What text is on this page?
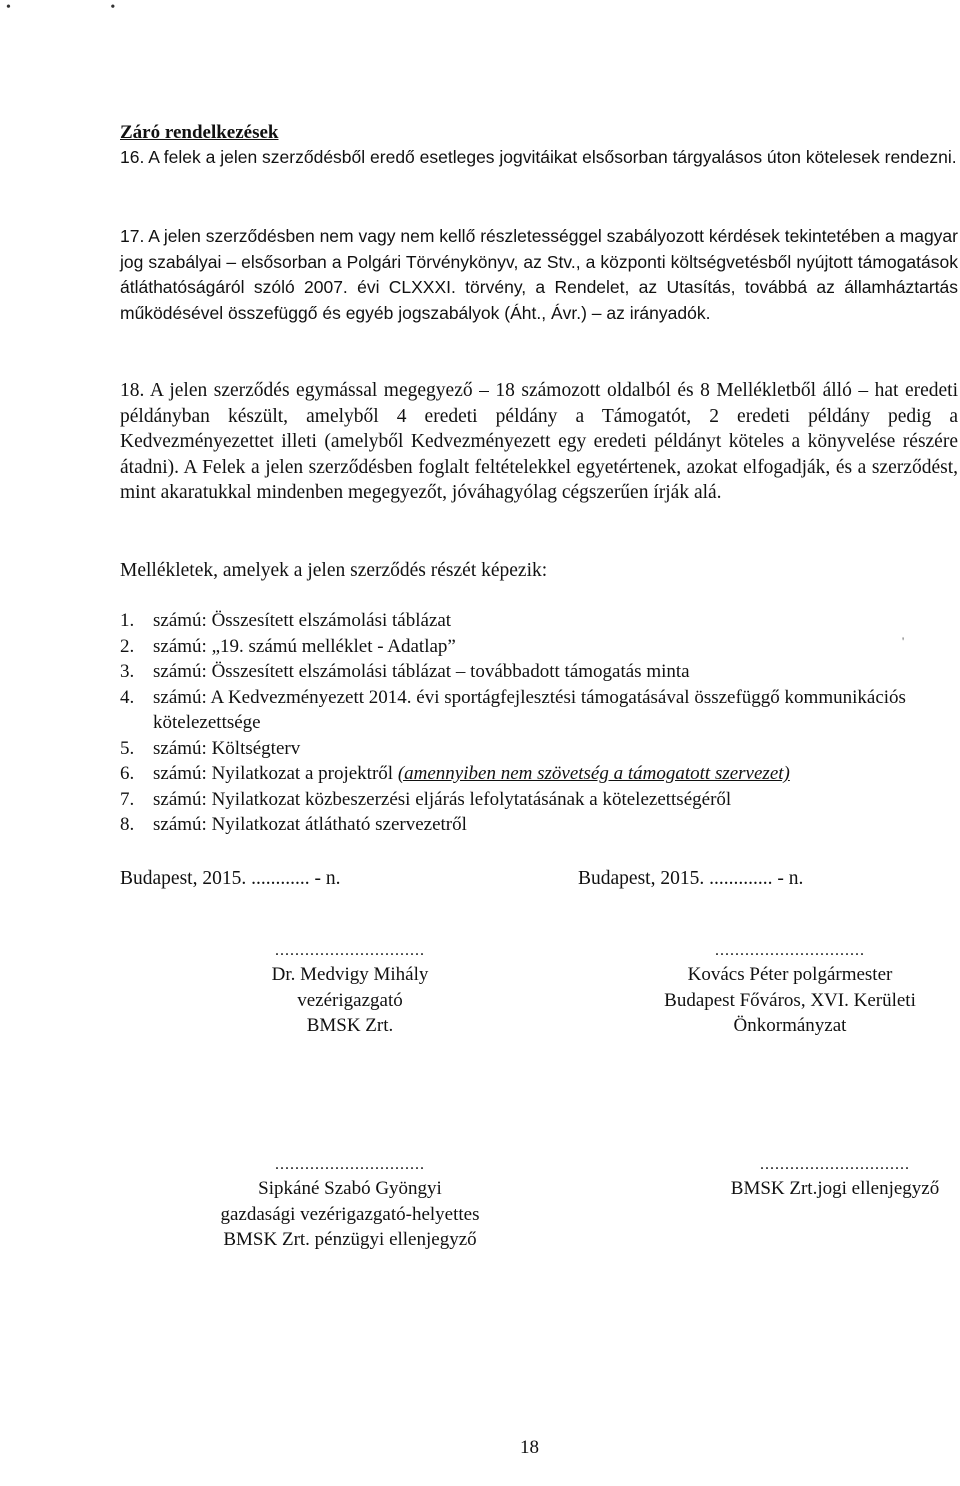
• •
Záró rendelkezések

16. A felek a jelen szerződésből eredő esetleges jogvitáikat elsősorban tárgyalásos úton kötelesek rendezni.

17. A jelen szerződésben nem vagy nem kellő részletességgel szabályozott kérdések tekintetében a magyar jog szabályai – elsősorban a Polgári Törvénykönyv, az Stv., a központi költségvetésből nyújtott támogatások átláthatóságáról szóló 2007. évi CLXXXI. törvény, a Rendelet, az Utasítás, továbbá az államháztartás működésével összefüggő és egyéb jogszabályok (Áht., Ávr.) – az irányadók.

18. A jelen szerződés egymással megegyező – 18 számozott oldalból és 8 Mellékletből álló – hat eredeti példányban készült, amelyből 4 eredeti példány a Támogatót, 2 eredeti példány pedig a Kedvezményezettet illeti (amelyből Kedvezményezett egy eredeti példányt köteles a könyvelése részére átadni). A Felek a jelen szerződésben foglalt feltételekkel egyetértenek, azokat elfogadják, és a szerződést, mint akaratukkal mindenben megegyezőt, jóváhagyólag cégszerűen írják alá.

Mellékletek, amelyek a jelen szerződés részét képezik:
'
1. számú: Összesített elszámolási táblázat
2. számú: „19. számú melléklet - Adatlap”
3. számú: Összesített elszámolási táblázat – továbbadott támogatás minta
4. számú: A Kedvezményezett 2014. évi sportágfejlesztési támogatásával összefüggő kommunikációs kötelezettsége
5. számú: Költségterv
6. számú: Nyilatkozat a projektről (amennyiben nem szövetség a támogatott szervezet)
7. számú: Nyilatkozat közbeszerzési eljárás lefolytatásának a kötelezettségéről
8. számú: Nyilatkozat átlátható szervezetről
Budapest, 2015. ............ - n.	Budapest, 2015. ............. - n.
..............................
Dr. Medvigy Mihály
vezérigazgató
BMSK Zrt.
..............................
Kovács Péter polgármester
Budapest Főváros, XVI. Kerületi
Önkormányzat
..............................
Sipkáné Szabó Gyöngyi
gazdasági vezérigazgató-helyettes
BMSK Zrt. pénzügyi ellenjegyző
..............................
BMSK Zrt.jogi ellenjegyző
18
